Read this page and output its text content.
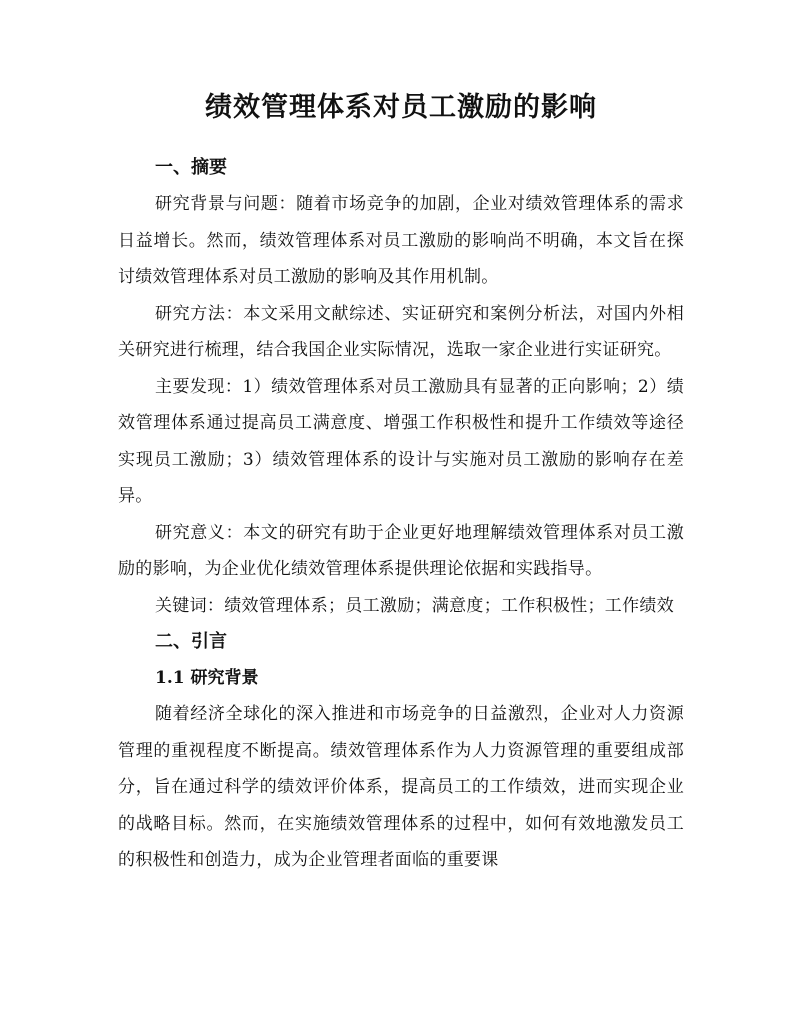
绩效管理体系对员工激励的影响
一、摘要

研究背景与问题：随着市场竞争的加剧，企业对绩效管理体系的需求日益增长。然而，绩效管理体系对员工激励的影响尚不明确，本文旨在探讨绩效管理体系对员工激励的影响及其作用机制。

研究方法：本文采用文献综述、实证研究和案例分析法，对国内外相关研究进行梳理，结合我国企业实际情况，选取一家企业进行实证研究。

主要发现：1）绩效管理体系对员工激励具有显著的正向影响；2）绩效管理体系通过提高员工满意度、增强工作积极性和提升工作绩效等途径实现员工激励；3）绩效管理体系的设计与实施对员工激励的影响存在差异。

研究意义：本文的研究有助于企业更好地理解绩效管理体系对员工激励的影响，为企业优化绩效管理体系提供理论依据和实践指导。

关键词：绩效管理体系；员工激励；满意度；工作积极性；工作绩效

二、引言
1.1 研究背景

随着经济全球化的深入推进和市场竞争的日益激烈，企业对人力资源管理的重视程度不断提高。绩效管理体系作为人力资源管理的重要组成部分，旨在通过科学的绩效评价体系，提高员工的工作绩效，进而实现企业的战略目标。然而，在实施绩效管理体系的过程中，如何有效地激发员工的积极性和创造力，成为企业管理者面临的重要课
